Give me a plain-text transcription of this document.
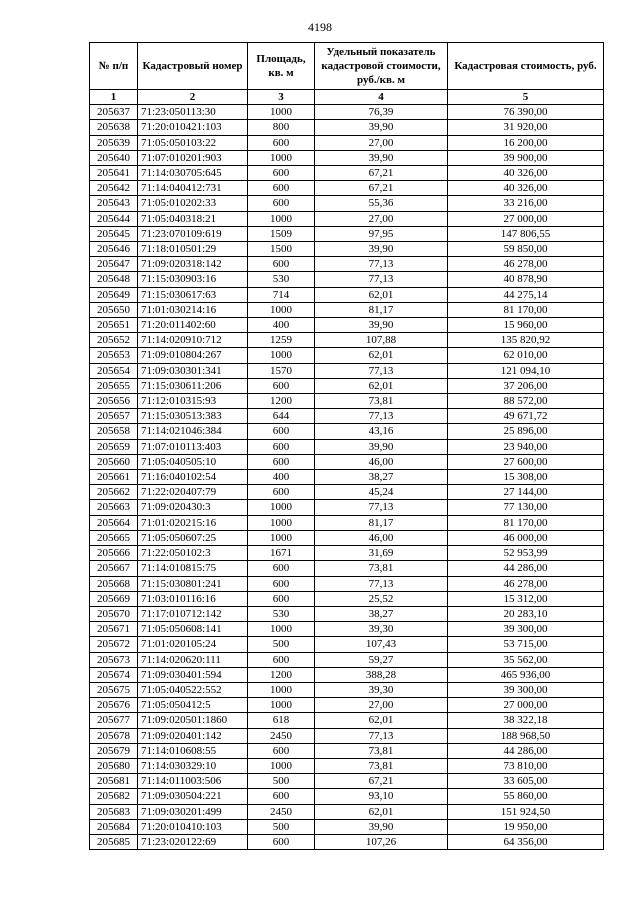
4198
№ п/п	Кадастровый номер	Площадь, кв. м	Удельный показатель кадастровой стоимости, руб./кв. м	Кадастровая стоимость, руб.
1	2	3	4	5
205637	71:23:050113:30	1000	76,39	76 390,00
205638	71:20:010421:103	800	39,90	31 920,00
205639	71:05:050103:22	600	27,00	16 200,00
205640	71:07:010201:903	1000	39,90	39 900,00
205641	71:14:030705:645	600	67,21	40 326,00
205642	71:14:040412:731	600	67,21	40 326,00
205643	71:05:010202:33	600	55,36	33 216,00
205644	71:05:040318:21	1000	27,00	27 000,00
205645	71:23:070109:619	1509	97,95	147 806,55
205646	71:18:010501:29	1500	39,90	59 850,00
205647	71:09:020318:142	600	77,13	46 278,00
205648	71:15:030903:16	530	77,13	40 878,90
205649	71:15:030617:63	714	62,01	44 275,14
205650	71:01:030214:16	1000	81,17	81 170,00
205651	71:20:011402:60	400	39,90	15 960,00
205652	71:14:020910:712	1259	107,88	135 820,92
205653	71:09:010804:267	1000	62,01	62 010,00
205654	71:09:030301:341	1570	77,13	121 094,10
205655	71:15:030611:206	600	62,01	37 206,00
205656	71:12:010315:93	1200	73,81	88 572,00
205657	71:15:030513:383	644	77,13	49 671,72
205658	71:14:021046:384	600	43,16	25 896,00
205659	71:07:010113:403	600	39,90	23 940,00
205660	71:05:040505:10	600	46,00	27 600,00
205661	71:16:040102:54	400	38,27	15 308,00
205662	71:22:020407:79	600	45,24	27 144,00
205663	71:09:020430:3	1000	77,13	77 130,00
205664	71:01:020215:16	1000	81,17	81 170,00
205665	71:05:050607:25	1000	46,00	46 000,00
205666	71:22:050102:3	1671	31,69	52 953,99
205667	71:14:010815:75	600	73,81	44 286,00
205668	71:15:030801:241	600	77,13	46 278,00
205669	71:03:010116:16	600	25,52	15 312,00
205670	71:17:010712:142	530	38,27	20 283,10
205671	71:05:050608:141	1000	39,30	39 300,00
205672	71:01:020105:24	500	107,43	53 715,00
205673	71:14:020620:111	600	59,27	35 562,00
205674	71:09:030401:594	1200	388,28	465 936,00
205675	71:05:040522:552	1000	39,30	39 300,00
205676	71:05:050412:5	1000	27,00	27 000,00
205677	71:09:020501:1860	618	62,01	38 322,18
205678	71:09:020401:142	2450	77,13	188 968,50
205679	71:14:010608:55	600	73,81	44 286,00
205680	71:14:030329:10	1000	73,81	73 810,00
205681	71:14:011003:506	500	67,21	33 605,00
205682	71:09:030504:221	600	93,10	55 860,00
205683	71:09:030201:499	2450	62,01	151 924,50
205684	71:20:010410:103	500	39,90	19 950,00
205685	71:23:020122:69	600	107,26	64 356,00
